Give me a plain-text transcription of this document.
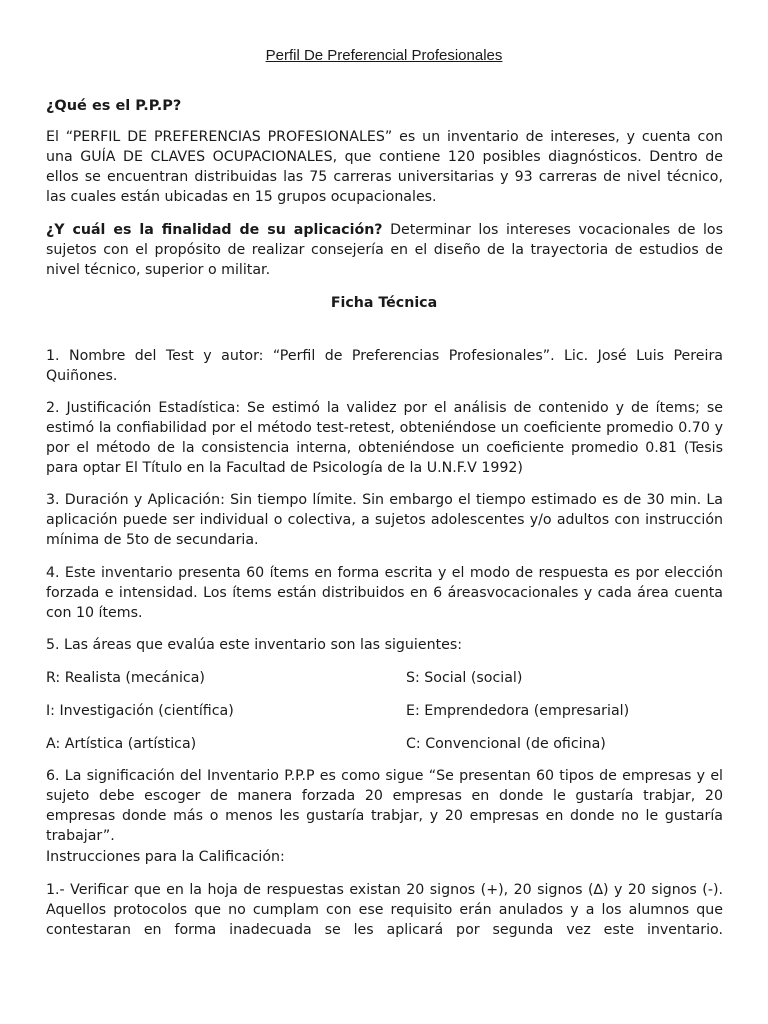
Perfil De Preferencial Profesionales
¿Qué es el P.P.P?
El “PERFIL DE PREFERENCIAS PROFESIONALES” es un inventario de intereses, y cuenta con una GUÍA DE CLAVES OCUPACIONALES, que contiene 120 posibles diagnósticos. Dentro de ellos se encuentran distribuidas las 75 carreras universitarias y 93 carreras de nivel técnico, las cuales están ubicadas en 15 grupos ocupacionales.
¿Y cuál es la finalidad de su aplicación? Determinar los intereses vocacionales de los sujetos con el propósito de realizar consejería en el diseño de la trayectoria de estudios de nivel técnico, superior o militar.
Ficha Técnica
1. Nombre del Test y autor: “Perfil de Preferencias Profesionales”. Lic. José Luis Pereira Quiñones.
2. Justificación Estadística: Se estimó la validez por el análisis de contenido y de ítems; se estimó la confiabilidad por el método test-retest, obteniéndose un coeficiente promedio 0.70 y por el método de la consistencia interna, obteniéndose un coeficiente promedio 0.81 (Tesis para optar El Título en la Facultad de Psicología de la U.N.F.V 1992)
3. Duración y Aplicación: Sin tiempo límite. Sin embargo el tiempo estimado es de 30 min. La aplicación puede ser individual o colectiva, a sujetos adolescentes y/o adultos con instrucción mínima de 5to de secundaria.
4. Este inventario presenta 60 ítems en forma escrita y el modo de respuesta es por elección forzada e intensidad. Los ítems están distribuidos en 6 áreasvocacionales y cada área cuenta con 10 ítems.
5. Las áreas que evalúa este inventario son las siguientes:
R: Realista (mecánica)	S: Social (social)
I: Investigación (científica)	E: Emprendedora (empresarial)
A: Artística (artística)	C: Convencional (de oficina)
6. La significación del Inventario P.P.P es como sigue “Se presentan 60 tipos de empresas y el sujeto debe escoger de manera forzada 20 empresas en donde le gustaría trabjar, 20 empresas donde más o menos les gustaría trabjar, y 20 empresas en donde no le gustaría trabajar”.
Instrucciones para la Calificación:
1.- Verificar que en la hoja de respuestas existan 20 signos (+), 20 signos (∆) y 20 signos (-). Aquellos protocolos que no cumplam con ese requisito erán anulados y a los alumnos que contestaran en forma inadecuada se les aplicará por segunda vez este inventario.
